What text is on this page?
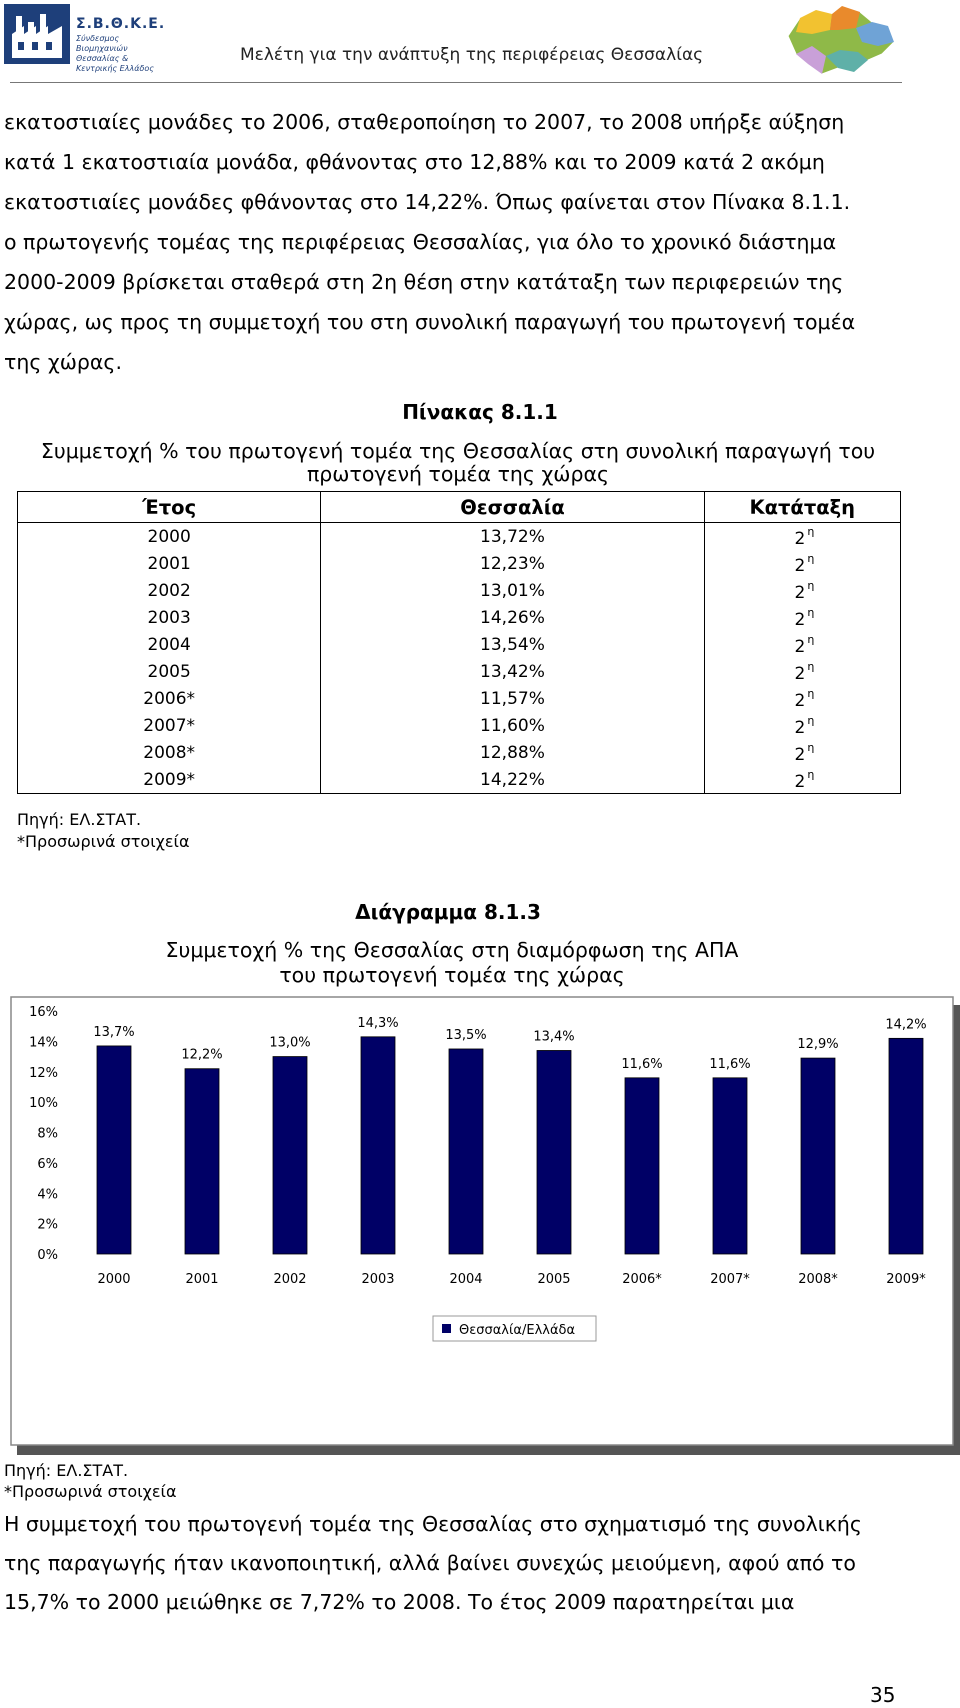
Σ.Β.Θ.Κ.Ε.
Σύνδεσμος Βιομηχανιών Θεσσαλίας & Κεντρικής Ελλάδος
Μελέτη για την ανάπτυξη της περιφέρειας Θεσσαλίας
εκατοστιαίες μονάδες το 2006, σταθεροποίηση το 2007, το 2008 υπήρξε αύξηση
κατά 1 εκατοστιαία μονάδα, φθάνοντας στο 12,88% και το 2009 κατά 2 ακόμη
εκατοστιαίες μονάδες φθάνοντας στο 14,22%. Όπως φαίνεται στον Πίνακα 8.1.1.
ο πρωτογενής τομέας της περιφέρειας Θεσσαλίας, για όλο το χρονικό διάστημα
2000-2009 βρίσκεται σταθερά στη 2η θέση στην κατάταξη των περιφερειών της
χώρας, ως προς τη συμμετοχή του στη συνολική παραγωγή του πρωτογενή τομέα
της χώρας.
Πίνακας 8.1.1
Συμμετοχή % του πρωτογενή τομέα της Θεσσαλίας στη συνολική παραγωγή του
πρωτογενή τομέα της χώρας
Έτος	Θεσσαλία	Κατάταξη
2000	13,72%	2 $^\eta$
2001	12,23%	2 $^\eta$
2002	13,01%	2 $^\eta$
2003	14,26%	2 $^\eta$
2004	13,54%	2 $^\eta$
2005	13,42%	2 $^\eta$
2006*	11,57%	2 $^\eta$
2007*	11,60%	2 $^\eta$
2008*	12,88%	2 $^\eta$
2009*	14,22%	2 $^\eta$
Πηγή: ΕΛ.ΣΤΑΤ.
*Προσωρινά στοιχεία
Διάγραμμα 8.1.3
Συμμετοχή % της Θεσσαλίας στη διαμόρφωση της ΑΠΑ
του πρωτογενή τομέα της χώρας
0%
2%
4%
6%
8%
10%
12%
14%
16%
13,7%
12,2%
13,0%
14,3%
13,5%	13,4%
11,6%	11,6%
12,9%
14,2%
2000	2001	2002	2003	2004	2005	2006*	2007*	2008*	2009*
Θεσσαλία/Ελλάδα
Πηγή: ΕΛ.ΣΤΑΤ.
*Προσωρινά στοιχεία
Η συμμετοχή του πρωτογενή τομέα της Θεσσαλίας στο σχηματισμό της συνολικής
της παραγωγής ήταν ικανοποιητική, αλλά βαίνει συνεχώς μειούμενη, αφού από το
15,7% το 2000 μειώθηκε σε 7,72% το 2008. Το έτος 2009 παρατηρείται μια
35
